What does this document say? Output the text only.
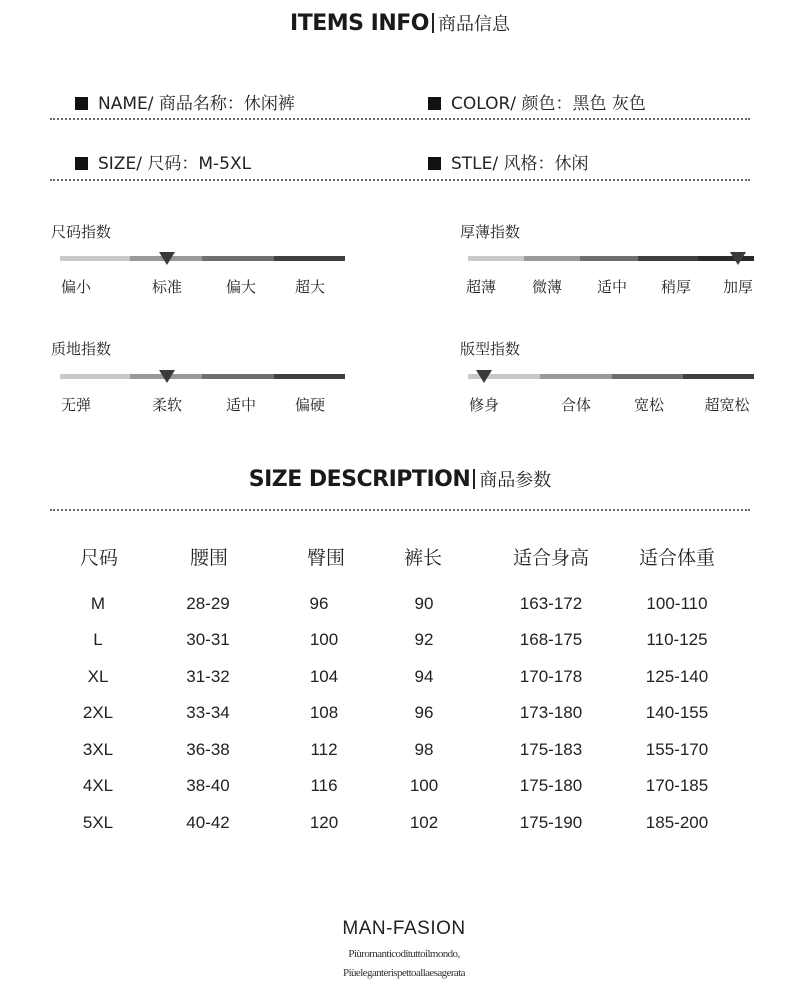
ITEMS INFO 商品信息
NAME/ 商品名称：休闲裤	COLOR/ 颜色：黑色 灰色
SIZE/ 尺码：M-5XL	STLE/ 风格：休闲
尺码指数
偏小	标准	偏大	超大
厚薄指数
超薄 微薄 适中 稍厚 加厚
质地指数
无弹	柔软	适中	偏硬
版型指数
修身	合体	宽松	超宽松
SIZE DESCRIPTION 商品参数
尺码	腰围	臀围	裤长	适合身高	适合体重
M	28-29	96	90	163-172	100-110
L	30-31	100	92	168-175	110-125
XL	31-32	104	94	170-178	125-140
2XL	33-34	108	96	173-180	140-155
3XL	36-38	112	98	175-183	155-170
4XL	38-40	116	100	175-180	170-185
5XL	40-42	120	102	175-190	185-200
MAN-FASION
Piùromanticodituttoilmondo,
Piùeleganterispettoallaesagerata
